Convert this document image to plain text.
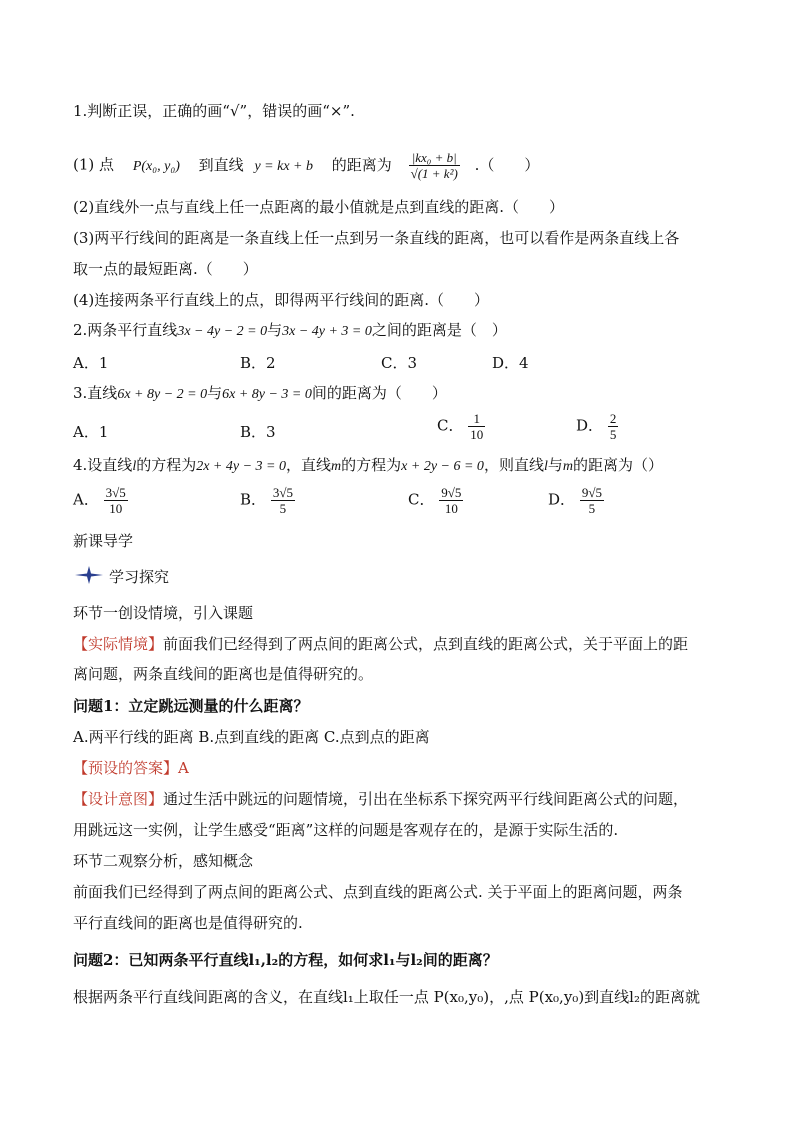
1.判断正误，正确的画“√”，错误的画“×”.
(1) 点 P(x₀, y₀) 到直线 y = kx + b 的距离为 $\frac{\text{|kx₀ + b|}}{\text{√(1 + k²)}}$ .（　　）
(2)直线外一点与直线上任一点距离的最小值就是点到直线的距离.（　　）
(3)两平行线间的距离是一条直线上任一点到另一条直线的距离，也可以看作是两条直线上各
取一点的最短距离.（　　）
(4)连接两条平行直线上的点，即得两平行线间的距离.（　　）
2.两条平行直线3x − 4y − 2 = 0与3x − 4y + 3 = 0之间的距离是（　）
A．1	B．2	C．3	D．4
3.直线6x + 8y − 2 = 0与6x + 8y − 3 = 0间的距离为（　　）
A．1	B．3	C． $\frac{1}{10}$	D． $\frac{2}{5}$
4.设直线l的方程为2x + 4y − 3 = 0，直线m的方程为x + 2y − 6 = 0，则直线l与m的距离为（）
A． $\frac{3√5}{10}$	B． $\frac{3√5}{5}$	C． $\frac{9√5}{10}$	D． $\frac{9√5}{5}$
新课导学
学习探究
环节一创设情境，引入课题
【实际情境】前面我们已经得到了两点间的距离公式，点到直线的距离公式，关于平面上的距
离问题，两条直线间的距离也是值得研究的。
问题1：立定跳远测量的什么距离？
A.两平行线的距离 B.点到直线的距离 C.点到点的距离
【预设的答案】A
【设计意图】通过生活中跳远的问题情境，引出在坐标系下探究两平行线间距离公式的问题，
用跳远这一实例，让学生感受“距离”这样的问题是客观存在的，是源于实际生活的.
环节二观察分析，感知概念
前面我们已经得到了两点间的距离公式、点到直线的距离公式. 关于平面上的距离问题，两条
平行直线间的距离也是值得研究的.
问题2：已知两条平行直线l₁,l₂的方程，如何求l₁与l₂间的距离？
根据两条平行直线间距离的含义，在直线l₁上取任一点 P(x₀,y₀)，,点 P(x₀,y₀)到直线l₂的距离就
